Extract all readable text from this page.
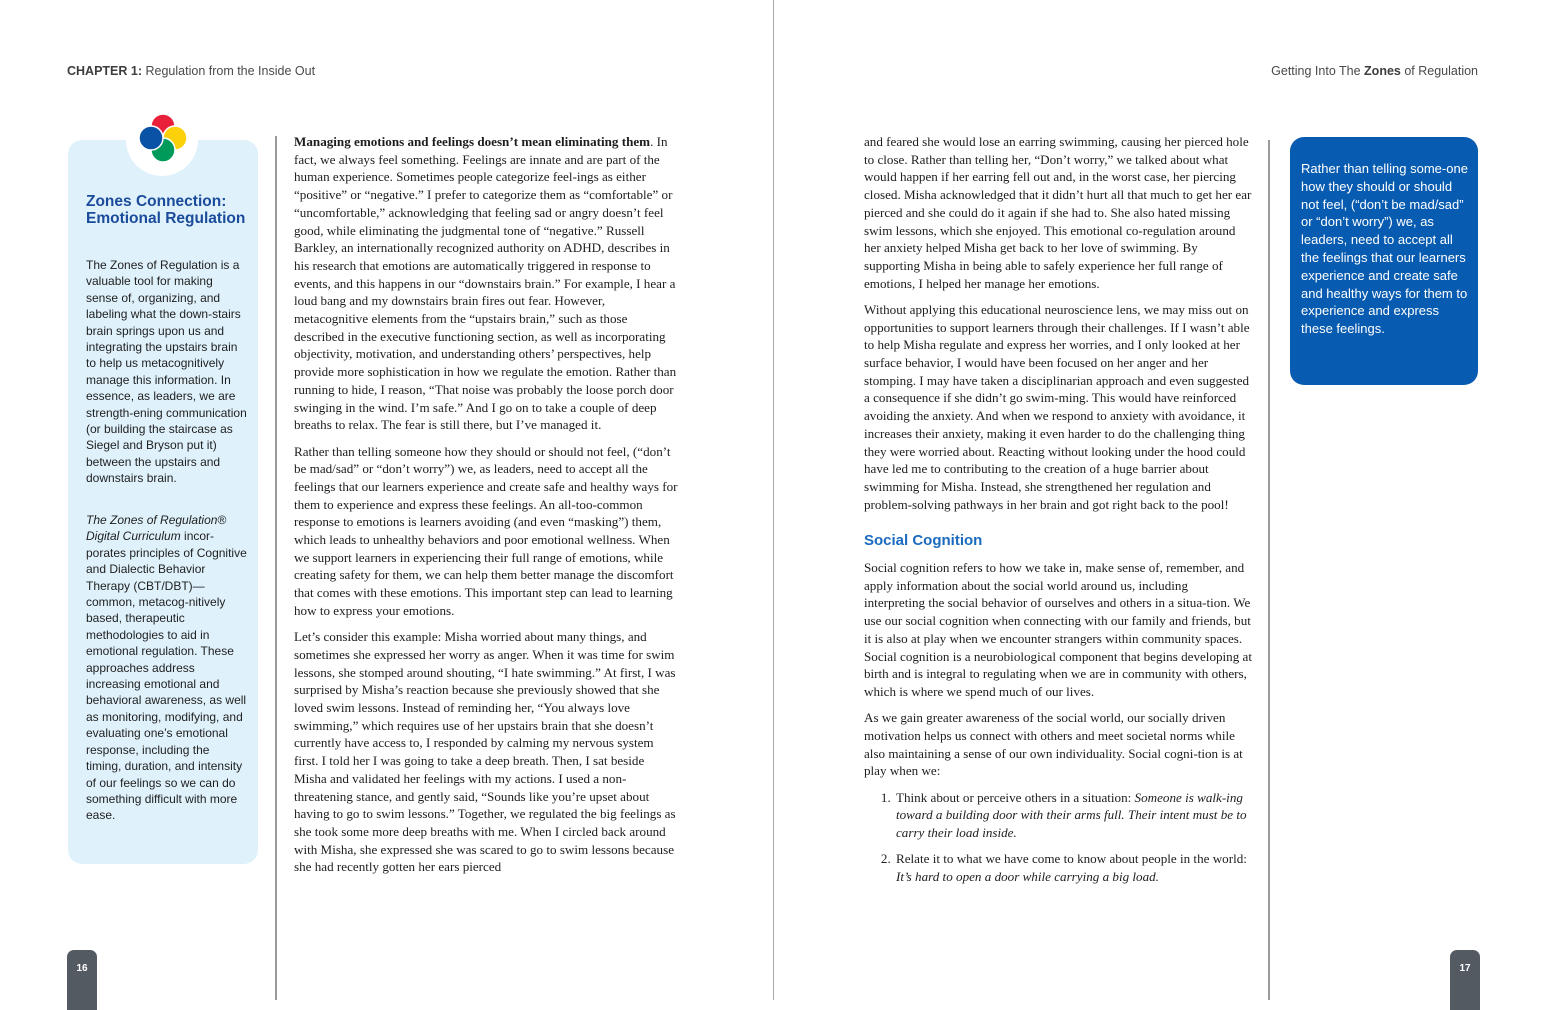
CHAPTER 1: Regulation from the Inside Out	Getting Into The Zones of Regulation
Zones Connection: Emotional Regulation

The Zones of Regulation is a valuable tool for making sense of, organizing, and labeling what the down-stairs brain springs upon us and integrating the upstairs brain to help us metacognitively manage this information. In essence, as leaders, we are strength-ening communication (or building the staircase as Siegel and Bryson put it) between the upstairs and downstairs brain.

The Zones of Regulation® Digital Curriculum incor-porates principles of Cognitive and Dialectic Behavior Therapy (CBT/DBT)—common, metacog-nitively based, therapeutic methodologies to aid in emotional regulation. These approaches address increasing emotional and behavioral awareness, as well as monitoring, modifying, and evaluating one’s emotional response, including the timing, duration, and intensity of our feelings so we can do something difficult with more ease.

Managing emotions and feelings doesn’t mean eliminating them. In fact, we always feel something. Feelings are innate and are part of the human experience. Sometimes people categorize feel-ings as either “positive” or “negative.” I prefer to categorize them as “comfortable” or “uncomfortable,” acknowledging that feeling sad or angry doesn’t feel good, while eliminating the judgmental tone of “negative.” Russell Barkley, an internationally recognized authority on ADHD, describes in his research that emotions are automatically triggered in response to events, and this happens in our “downstairs brain.” For example, I hear a loud bang and my downstairs brain fires out fear. However, metacognitive elements from the “upstairs brain,” such as those described in the executive functioning section, as well as incorporating objectivity, motivation, and understanding others’ perspectives, help provide more sophistication in how we regulate the emotion. Rather than running to hide, I reason, “That noise was probably the loose porch door swinging in the wind. I’m safe.” And I go on to take a couple of deep breaths to relax. The fear is still there, but I’ve managed it.

Rather than telling someone how they should or should not feel, (“don’t be mad/sad” or “don’t worry”) we, as leaders, need to accept all the feelings that our learners experience and create safe and healthy ways for them to experience and express these feelings. An all-too-common response to emotions is learners avoiding (and even “masking”) them, which leads to unhealthy behaviors and poor emotional wellness. When we support learners in experiencing their full range of emotions, while creating safety for them, we can help them better manage the discomfort that comes with these emotions. This important step can lead to learning how to express your emotions.

Let’s consider this example: Misha worried about many things, and sometimes she expressed her worry as anger. When it was time for swim lessons, she stomped around shouting, “I hate swimming.” At first, I was surprised by Misha’s reaction because she previously showed that she loved swim lessons. Instead of reminding her, “You always love swimming,” which requires use of her upstairs brain that she doesn’t currently have access to, I responded by calming my nervous system first. I told her I was going to take a deep breath. Then, I sat beside Misha and validated her feelings with my actions. I used a non-threatening stance, and gently said, “Sounds like you’re upset about having to go to swim lessons.” Together, we regulated the big feelings as she took some more deep breaths with me. When I circled back around with Misha, she expressed she was scared to go to swim lessons because she had recently gotten her ears pierced

and feared she would lose an earring swimming, causing her pierced hole to close. Rather than telling her, “Don’t worry,” we talked about what would happen if her earring fell out and, in the worst case, her piercing closed. Misha acknowledged that it didn’t hurt all that much to get her ear pierced and she could do it again if she had to. She also hated missing swim lessons, which she enjoyed. This emotional co-regulation around her anxiety helped Misha get back to her love of swimming. By supporting Misha in being able to safely experience her full range of emotions, I helped her manage her emotions.

Without applying this educational neuroscience lens, we may miss out on opportunities to support learners through their challenges. If I wasn’t able to help Misha regulate and express her worries, and I only looked at her surface behavior, I would have been focused on her anger and her stomping. I may have taken a disciplinarian approach and even suggested a consequence if she didn’t go swim-ming. This would have reinforced avoiding the anxiety. And when we respond to anxiety with avoidance, it increases their anxiety, making it even harder to do the challenging thing they were worried about. Reacting without looking under the hood could have led me to contributing to the creation of a huge barrier about swimming for Misha. Instead, she strengthened her regulation and problem-solving pathways in her brain and got right back to the pool!

Social Cognition

Social cognition refers to how we take in, make sense of, remember, and apply information about the social world around us, including interpreting the social behavior of ourselves and others in a situa-tion. We use our social cognition when connecting with our family and friends, but it is also at play when we encounter strangers within community spaces. Social cognition is a neurobiological component that begins developing at birth and is integral to regulating when we are in community with others, which is where we spend much of our lives.

As we gain greater awareness of the social world, our socially driven motivation helps us connect with others and meet societal norms while also maintaining a sense of our own individuality. Social cogni-tion is at play when we:

1. Think about or perceive others in a situation: Someone is walk-ing toward a building door with their arms full. Their intent must be to carry their load inside.
2. Relate it to what we have come to know about people in the world: It’s hard to open a door while carrying a big load.

Rather than telling some-one how they should or should not feel, (“don’t be mad/sad” or “don’t worry”) we, as leaders, need to accept all the feelings that our learners experience and create safe and healthy ways for them to experience and express these feelings.

16	17
